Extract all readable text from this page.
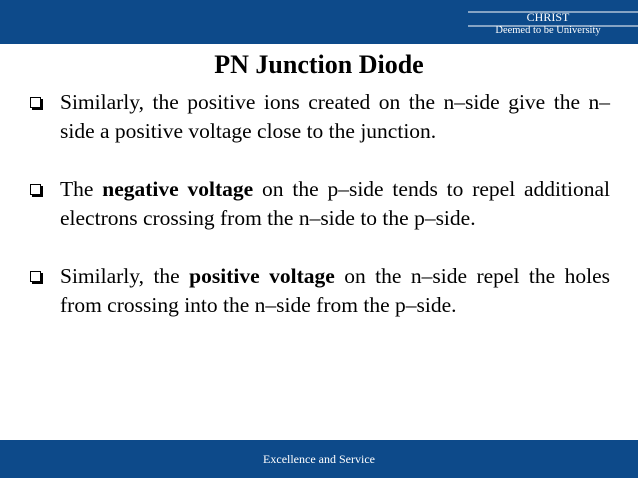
CHRIST
Deemed to be University
PN Junction Diode
Similarly, the positive ions created on the n–side give the n–side a positive voltage close to the junction.
The negative voltage on the p–side tends to repel additional electrons crossing from the n–side to the p–side.
Similarly, the positive voltage on the n–side repel the holes from crossing into the n–side from the p–side.
Excellence and Service
